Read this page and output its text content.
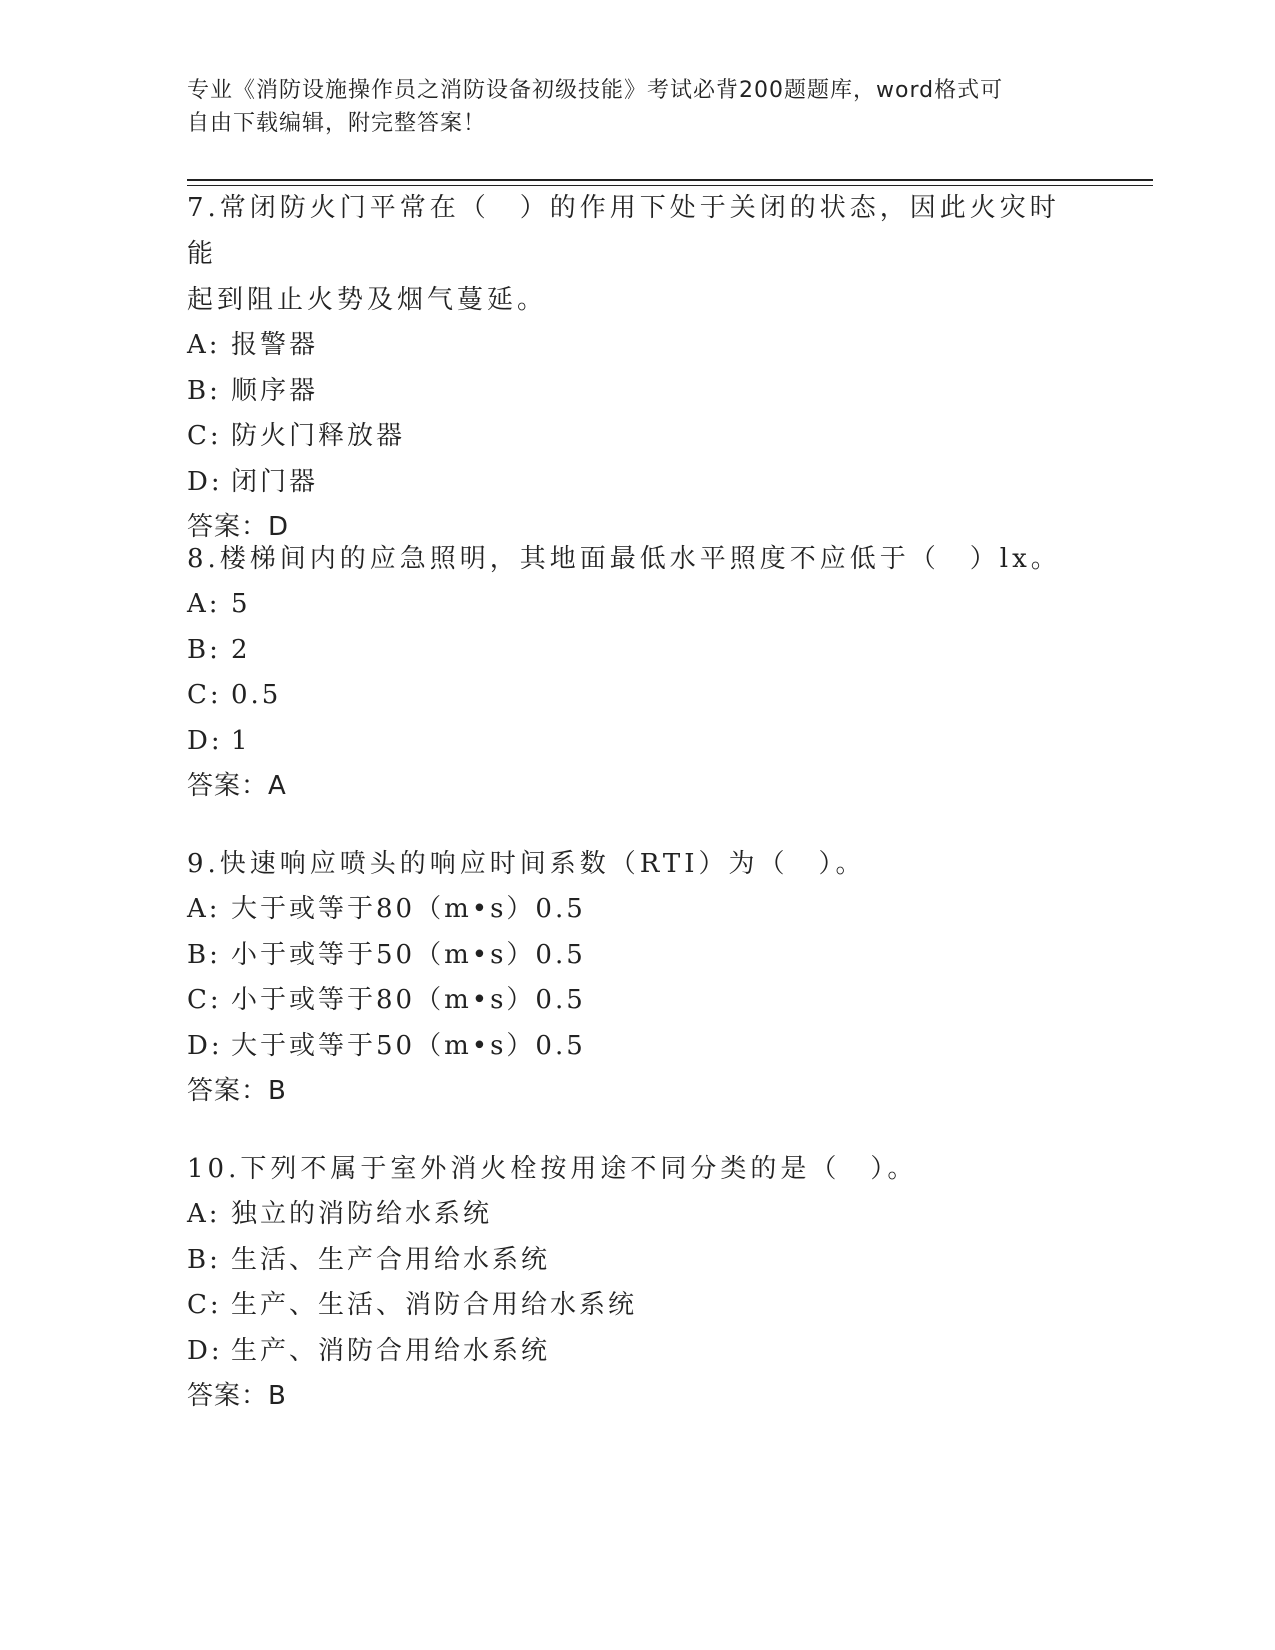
专业《消防设施操作员之消防设备初级技能》考试必背200题题库，word格式可
自由下载编辑，附完整答案！
7.常闭防火门平常在（　）的作用下处于关闭的状态，因此火灾时能
起到阻止火势及烟气蔓延。
A: 报警器
B: 顺序器
C: 防火门释放器
D: 闭门器
答案：D
8.楼梯间内的应急照明，其地面最低水平照度不应低于（　）lx。
A: 5
B: 2
C: 0.5
D: 1
答案：A
9.快速响应喷头的响应时间系数（RTI）为（　）。
A: 大于或等于80（m•s）0.5
B: 小于或等于50（m•s）0.5
C: 小于或等于80（m•s）0.5
D: 大于或等于50（m•s）0.5
答案：B
10.下列不属于室外消火栓按用途不同分类的是（　）。
A: 独立的消防给水系统
B: 生活、生产合用给水系统
C: 生产、生活、消防合用给水系统
D: 生产、消防合用给水系统
答案：B
